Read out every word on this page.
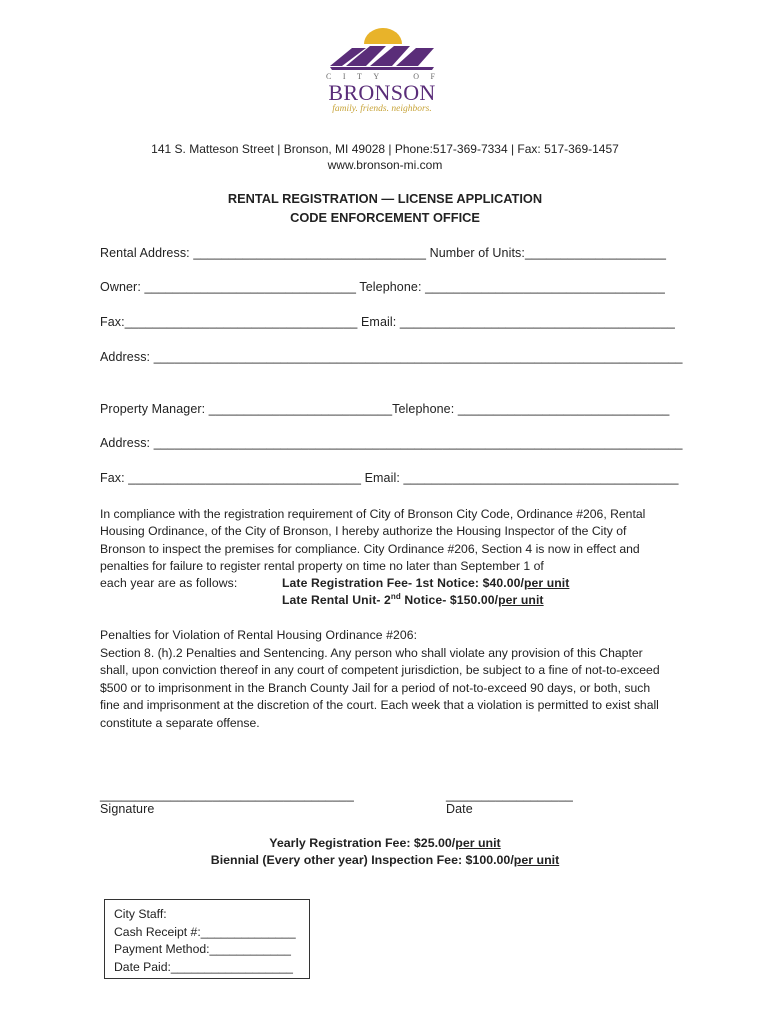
C I T Y	O F
BRONSON
family. friends. neighbors.
141 S. Matteson Street | Bronson, MI 49028 | Phone:517-369-7334 | Fax: 517-369-1457
www.bronson-mi.com
RENTAL REGISTRATION — LICENSE APPLICATION
CODE ENFORCEMENT OFFICE
Rental Address: _________________________________ Number of Units:____________________
Owner: ______________________________ Telephone: __________________________________
Fax:_________________________________ Email: _______________________________________
Address: ___________________________________________________________________________
Property Manager: __________________________Telephone: ______________________________
Address: ___________________________________________________________________________
Fax: _________________________________ Email: _______________________________________
In compliance with the registration requirement of City of Bronson City Code, Ordinance #206, Rental Housing Ordinance, of the City of Bronson, I hereby authorize the Housing Inspector of the City of Bronson to inspect the premises for compliance. City Ordinance #206, Section 4 is now in effect and penalties for failure to register rental property on time no later than September 1 of
each year are as follows:	Late Registration Fee- 1st Notice: $40.00/per unit
Late Rental Unit- 2nd Notice- $150.00/per unit
Penalties for Violation of Rental Housing Ordinance #206:
Section 8. (h).2 Penalties and Sentencing. Any person who shall violate any provision of this Chapter shall, upon conviction thereof in any court of competent jurisdiction, be subject to a fine of not-to-exceed $500 or to imprisonment in the Branch County Jail for a period of not-to-exceed 90 days, or both, such fine and imprisonment at the discretion of the court. Each week that a violation is permitted to exist shall constitute a separate offense.
____________________________________
Signature
__________________
Date
Yearly Registration Fee: $25.00/per unit
Biennial (Every other year) Inspection Fee: $100.00/per unit
City Staff:
Cash Receipt #:______________
Payment Method:____________
Date Paid:__________________
